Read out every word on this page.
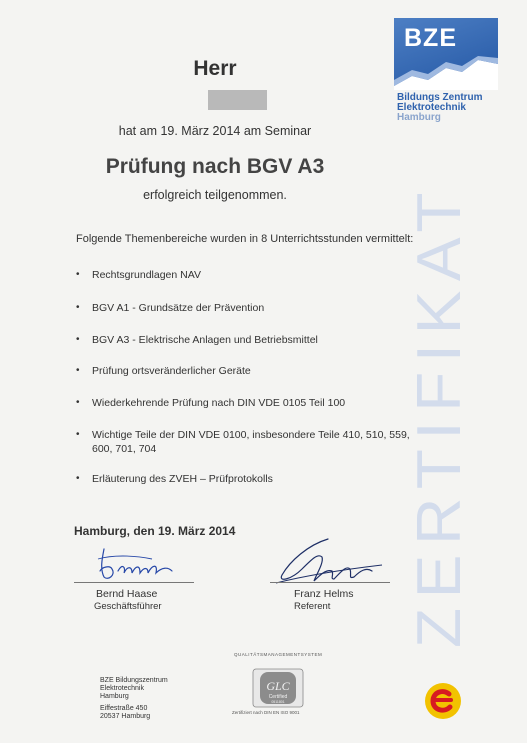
BZE
Bildungs Zentrum
Elektrotechnik
Hamburg
ZERTIFIKAT
Herr
hat am 19. März 2014 am Seminar
Prüfung nach BGV A3
erfolgreich teilgenommen.
Folgende Themenbereiche wurden in 8 Unterrichtsstunden vermittelt:
• Rechtsgrundlagen NAV
• BGV A1 - Grundsätze der Prävention
• BGV A3 - Elektrische Anlagen und Betriebsmittel
• Prüfung ortsveränderlicher Geräte
• Wiederkehrende Prüfung nach DIN VDE 0105 Teil 100
• Wichtige Teile der DIN VDE 0100, insbesondere Teile 410, 510, 559, 600, 701, 704
• Erläuterung des ZVEH – Prüfprotokolls
Hamburg, den 19. März 2014
Bernd Haase
Geschäftsführer
Franz Helms
Referent
BZE Bildungszentrum
Elektrotechnik
Hamburg
Eiffestraße 450
20537 Hamburg
QUALITÄTSMANAGEMENTSYSTEM
GLC
Certified
0511801
Zertifiziert nach DIN EN ISO 9001
